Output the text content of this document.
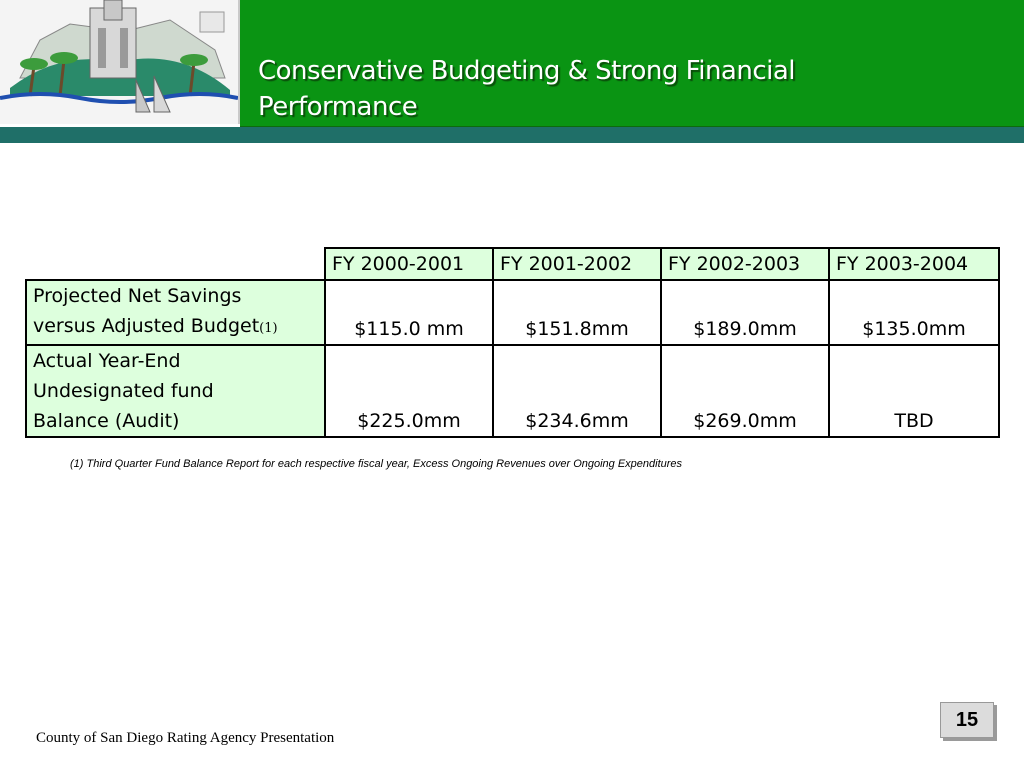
Conservative Budgeting & Strong Financial Performance
	FY 2000-2001	FY 2001-2002	FY 2002-2003	FY 2003-2004

Projected Net Savings
versus Adjusted Budget(1)	$115.0 mm	$151.8mm	$189.0mm	$135.0mm

Actual Year-End
Undesignated fund
Balance (Audit)	$225.0mm	$234.6mm	$269.0mm	TBD
(1) Third Quarter Fund Balance Report for each respective fiscal year, Excess Ongoing Revenues over Ongoing Expenditures
County of San Diego Rating Agency Presentation
15
